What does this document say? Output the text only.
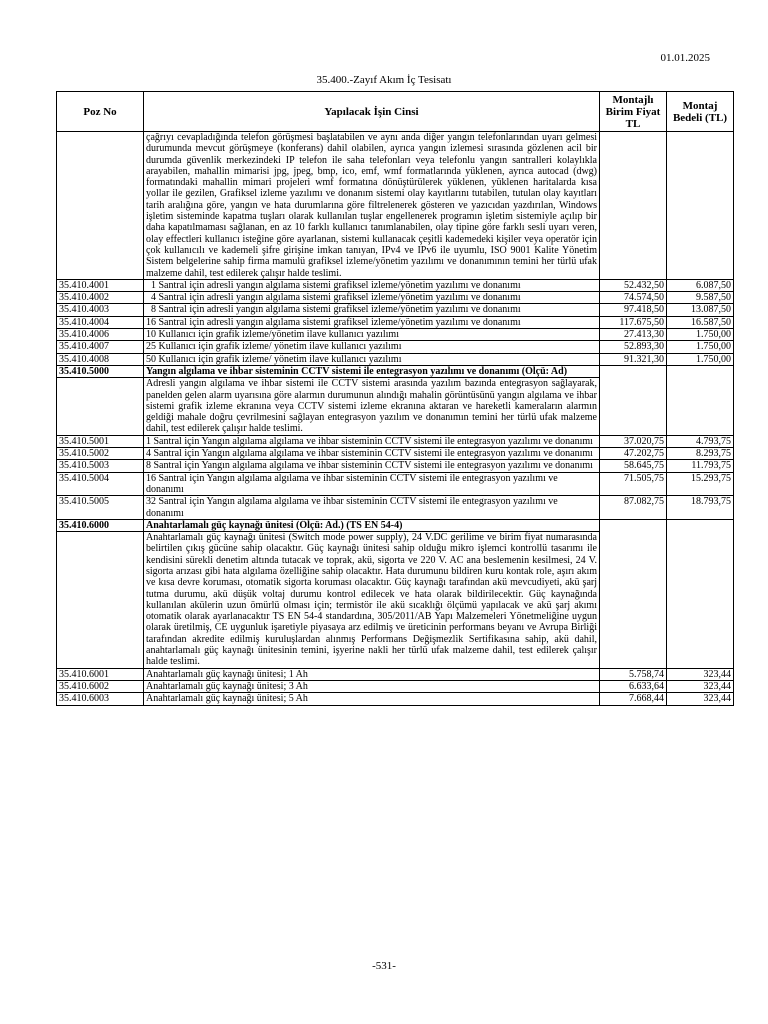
01.01.2025
35.400.-Zayıf Akım İç Tesisatı
Poz No	Yapılacak İşin Cinsi	Montajlı Birim Fiyat TL	Montaj Bedeli (TL)

	çağrıyı cevapladığında telefon görüşmesi başlatabilen ve aynı anda diğer yangın telefonlarından uyarı gelmesi durumunda mevcut görüşmeye (konferans) dahil olabilen, ayrıca yangın izlemesi sırasında gözlenen acil bir durumda güvenlik merkezindeki IP telefon ile saha telefonları veya telefonlu yangın santralleri kolaylıkla arayabilen, mahallin mimarisi jpg, jpeg, bmp, ico, emf, wmf formatlarında yüklenen, ayrıca autocad (dwg) formatındaki mahallin mimari projeleri wmf formatına dönüştürülerek yüklenen, yüklenen haritalarda kısa yollar ile gezilen, Grafiksel izleme yazılımı ve donanım sistemi olay kayıtlarını tutabilen, tutulan olay kayıtları tarih aralığına göre, yangın ve hata durumlarına göre filtrelenerek gösteren ve yazıcıdan yazdırılan, Windows işletim sisteminde kapatma tuşları olarak kullanılan tuşlar engellenerek programın işletim sistemiyle açılıp bir daha kapatılmaması sağlanan, en az 10 farklı kullanıcı tanımlanabilen, olay tipine göre farklı sesli uyarı veren, olay effectleri kullanıcı isteğine göre ayarlanan, sistemi kullanacak çeşitli kademedeki kişiler veya operatör için çok kullanıcılı ve kademeli şifre girişine imkan tanıyan, IPv4 ve IPv6 ile uyumlu, ISO 9001 Kalite Yönetim Sistem belgelerine sahip firma mamulü grafiksel izleme/yönetim yazılımı ve donanımının temini her türlü ufak malzeme dahil, test edilerek çalışır halde teslimi.		

35.410.4001	1 Santral için adresli yangın algılama sistemi grafiksel izleme/yönetim yazılımı ve donanımı	52.432,50	6.087,50
35.410.4002	4 Santral için adresli yangın algılama sistemi grafiksel izleme/yönetim yazılımı ve donanımı	74.574,50	9.587,50
35.410.4003	8 Santral için adresli yangın algılama sistemi grafiksel izleme/yönetim yazılımı ve donanımı	97.418,50	13.087,50
35.410.4004	16 Santral için adresli yangın algılama sistemi grafiksel izleme/yönetim yazılımı ve donanımı	117.675,50	16.587,50
35.410.4006	10 Kullanıcı için grafik izleme/yönetim ilave kullanıcı yazılımı	27.413,30	1.750,00
35.410.4007	25 Kullanıcı için grafik izleme/ yönetim ilave kullanıcı yazılımı	52.893,30	1.750,00
35.410.4008	50 Kullanıcı için grafik izleme/ yönetim ilave kullanıcı yazılımı	91.321,30	1.750,00
35.410.5000	Yangın algılama ve ihbar sisteminin CCTV sistemi ile entegrasyon yazılımı ve donanımı (Ölçü: Ad)		

	Adresli yangın algılama ve ihbar sistemi ile CCTV sistemi arasında yazılım bazında entegrasyon sağlayarak, panelden gelen alarm uyarısına göre alarmın durumunun alındığı mahalin görüntüsünü yangın algılama ve ihbar sistemi grafik izleme ekranına veya CCTV sistemi izleme ekranına aktaran ve hareketli kameraların alarmın geldiği mahale doğru çevrilmesini sağlayan entegrasyon yazılım ve donanımın temini her türlü ufak malzeme dahil, test edilerek çalışır halde teslimi.		

35.410.5001	1 Santral için Yangın algılama algılama ve ihbar sisteminin CCTV sistemi ile entegrasyon yazılımı ve donanımı	37.020,75	4.793,75
35.410.5002	4 Santral için Yangın algılama algılama ve ihbar sisteminin CCTV sistemi ile entegrasyon yazılımı ve donanımı	47.202,75	8.293,75
35.410.5003	8 Santral için Yangın algılama algılama ve ihbar sisteminin CCTV sistemi ile entegrasyon yazılımı ve donanımı	58.645,75	11.793,75
35.410.5004	16 Santral için Yangın algılama algılama ve ihbar sisteminin CCTV sistemi ile entegrasyon yazılımı ve donanımı	71.505,75	15.293,75
35.410.5005	32 Santral için Yangın algılama algılama ve ihbar sisteminin CCTV sistemi ile entegrasyon yazılımı ve donanımı	87.082,75	18.793,75
35.410.6000	Anahtarlamalı güç kaynağı ünitesi (Ölçü: Ad.) (TS EN 54-4)		

	Anahtarlamalı güç kaynağı ünitesi (Switch mode power supply), 24 V.DC gerilime ve birim fiyat numarasında belirtilen çıkış gücüne sahip olacaktır. Güç kaynağı ünitesi sahip olduğu mikro işlemci kontrollü tasarımı ile kendisini sürekli denetim altında tutacak ve toprak, akü, sigorta ve 220 V. AC ana beslemenin kesilmesi, 24 V. sigorta arızası gibi hata algılama özelliğine sahip olacaktır. Hata durumunu bildiren kuru kontak role, aşırı akım ve kısa devre koruması, otomatik sigorta koruması olacaktır. Güç kaynağı tarafından akü mevcudiyeti, akü şarj tutma durumu, akü düşük voltaj durumu kontrol edilecek ve hata olarak bildirilecektir. Güç kaynağında kullanılan akülerin uzun ömürlü olması için; termistör ile akü sıcaklığı ölçümü yapılacak ve akü şarj akımı otomatik olarak ayarlanacaktır TS EN 54-4 standardına, 305/2011/AB Yapı Malzemeleri Yönetmeliğine uygun olarak üretilmiş, CE uygunluk işaretiyle piyasaya arz edilmiş ve üreticinin performans beyanı ve Avrupa Birliği tarafından akredite edilmiş kuruluşlardan alınmış Performans Değişmezlik Sertifikasına sahip, akü dahil, anahtarlamalı güç kaynağı ünitesinin temini, işyerine nakli her türlü ufak malzeme dahil, test edilerek çalışır halde teslimi.		

35.410.6001	Anahtarlamalı güç kaynağı ünitesi; 1 Ah	5.758,74	323,44
35.410.6002	Anahtarlamalı güç kaynağı ünitesi; 3 Ah	6.633,64	323,44
35.410.6003	Anahtarlamalı güç kaynağı ünitesi; 5 Ah	7.668,44	323,44
-531-
